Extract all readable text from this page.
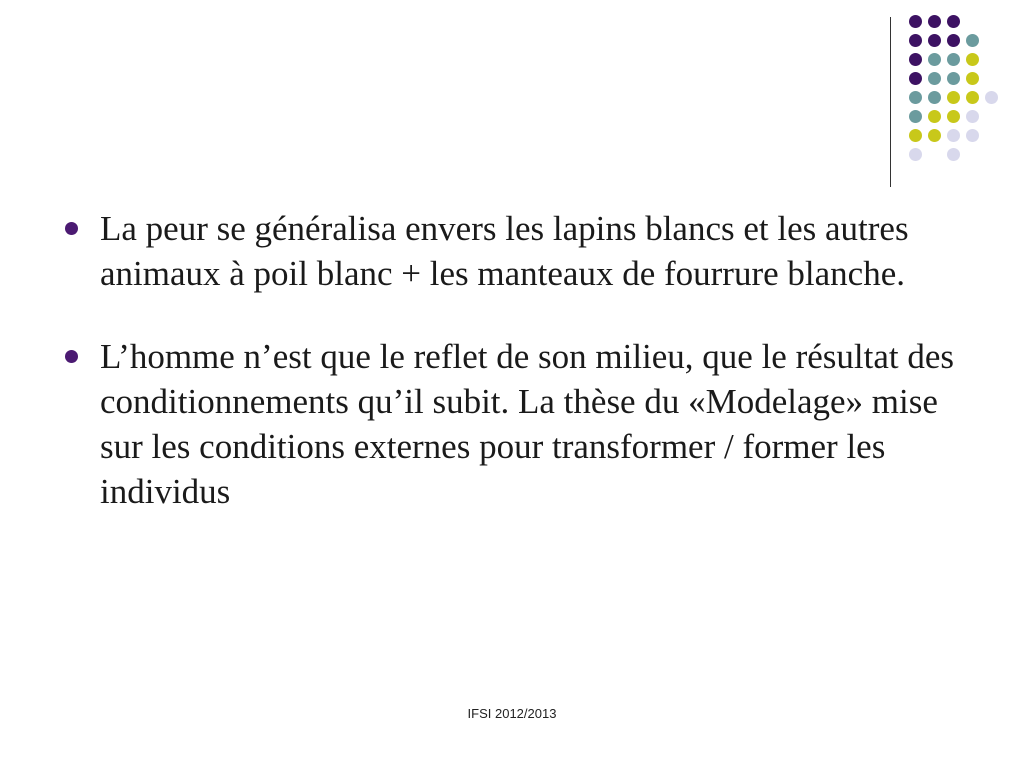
La peur se généralisa envers les lapins blancs et les autres animaux à poil blanc + les manteaux de fourrure blanche.

L’homme n’est que le reflet de son milieu, que le résultat des conditionnements qu’il subit. La thèse du «Modelage» mise sur les conditions externes pour transformer / former les individus

IFSI 2012/2013
